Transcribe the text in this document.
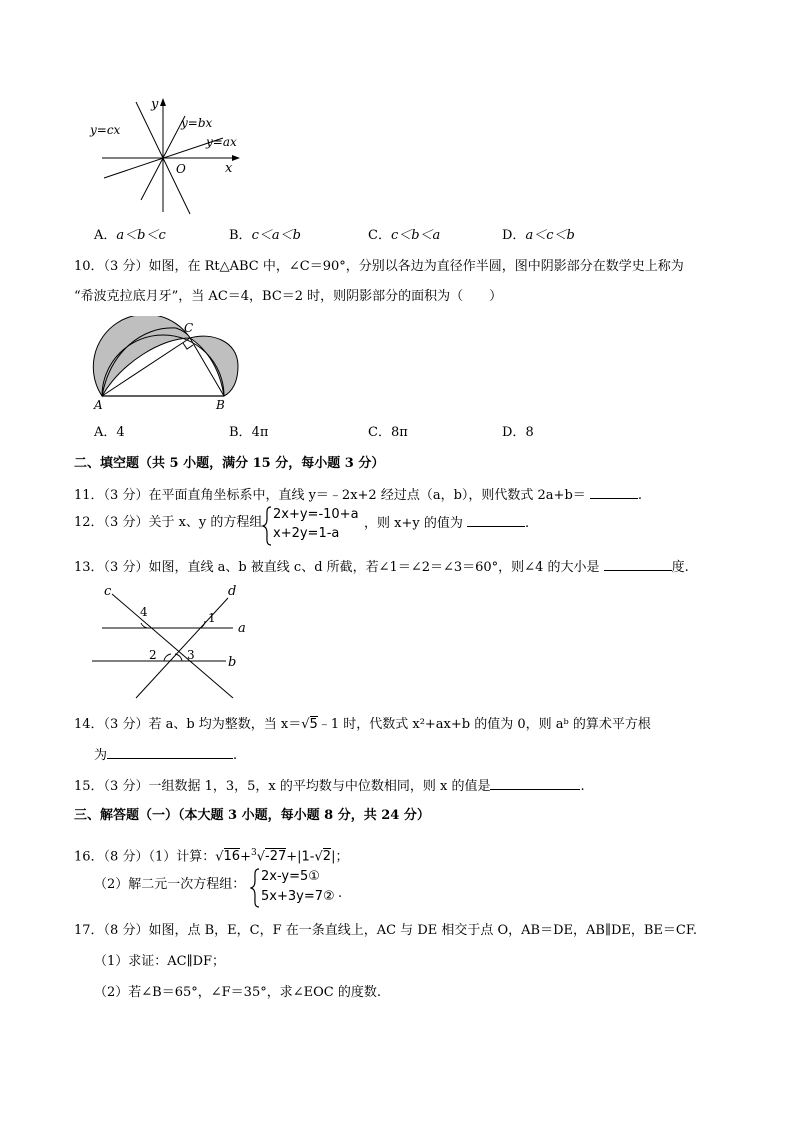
y
x
O
y=cx	y=bx
y=ax
A．a＜b＜c	B．c＜a＜b	C．c＜b＜a	D．a＜c＜b
10．（3 分）如图，在 Rt△ABC 中，∠C＝90°，分别以各边为直径作半圆，图中阴影部分在数学史上称为
“希波克拉底月牙”，当 AC＝4，BC＝2 时，则阴影部分的面积为（　　）
A	B
C
A．4	B．4π	C．8π	D．8
二、填空题（共 5 小题，满分 15 分，每小题 3 分）
11．（3 分）在平面直角坐标系中，直线 y＝﹣2x+2 经过点（a，b），则代数式 2a+b＝	.
12．（3 分）关于 x、y 的方程组
2x+y=-10+a
x+2y=1-a
，则 x+y 的值为	.
13．（3 分）如图，直线 a、b 被直线 c、d 所截，若∠1＝∠2＝∠3＝60°，则∠4 的大小是	度.
c	d
a
b
1
4
2	3
14．（3 分）若 a、b 均为整数，当 x＝√5﹣1 时，代数式 x²+ax+b 的值为 0，则 aᵇ 的算术平方根
为	.
15．（3 分）一组数据 1，3，5，x 的平均数与中位数相同，则 x 的值是	.
三、解答题（一）（本大题 3 小题，每小题 8 分，共 24 分）
16．（8 分）（1）计算：√16+$^3$√-27+|1-√2|；
（2）解二元一次方程组：
2x-y=5①
5x+3y=7② .
17．（8 分）如图，点 B，E，C，F 在一条直线上，AC 与 DE 相交于点 O，AB＝DE，AB∥DE，BE＝CF.
（1）求证：AC∥DF；
（2）若∠B＝65°，∠F＝35°，求∠EOC 的度数.
